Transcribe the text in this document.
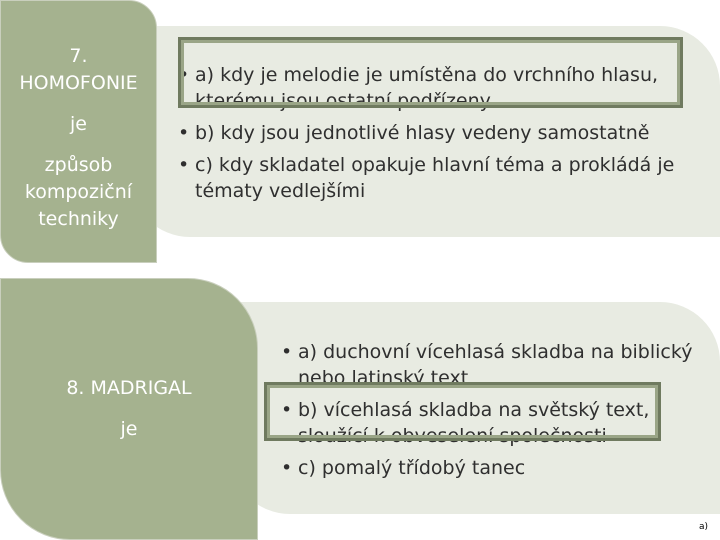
7.
HOMOFONIE
je
způsob
kompoziční
techniky
• a) kdy je melodie je umístěna do vrchního hlasu, kterému jsou ostatní podřízeny
• b) kdy jsou jednotlivé hlasy vedeny samostatně
• c) kdy skladatel opakuje hlavní téma a prokládá je tématy vedlejšími
8. MADRIGAL
je
• a) duchovní vícehlasá skladba na biblický nebo latinský text
• b) vícehlasá skladba na světský text, sloužící k obveselení společnosti
• c) pomalý třídobý tanec
a)
